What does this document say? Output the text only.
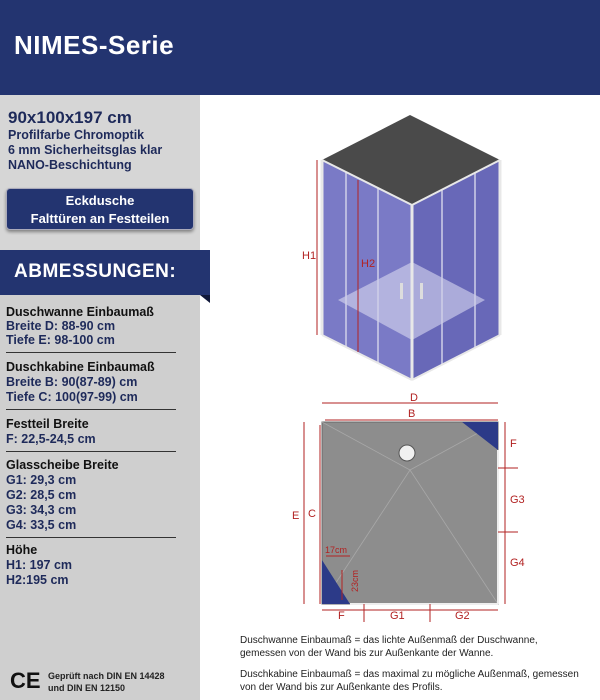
NIMES-Serie
90x100x197 cm
Profilfarbe Chromoptik
6 mm Sicherheitsglas klar
NANO-Beschichtung
Eckdusche
Falttüren an Festteilen
ABMESSUNGEN:
Duschwanne Einbaumaß
Breite D: 88-90 cm
Tiefe E: 98-100 cm
Duschkabine Einbaumaß
Breite B: 90(87-89) cm
Tiefe C: 100(97-99) cm
Festteil Breite
F: 22,5-24,5 cm
Glasscheibe Breite
G1: 29,3 cm
G2: 28,5 cm
G3: 34,3 cm
G4: 33,5 cm
Höhe
H1: 197 cm
H2:195 cm
CE Geprüft nach DIN EN 14428
und DIN EN 12150
H1
H2
D
B
E C
F
G3
G4
F	G1	G2
17cm
23cm
Duschwanne Einbaumaß = das lichte Außenmaß der Duschwanne, gemessen von der Wand bis zur Außenkante der Wanne.
Duschkabine Einbaumaß = das maximal zu mögliche Außenmaß, gemessen von der Wand bis zur Außenkante des Profils.
